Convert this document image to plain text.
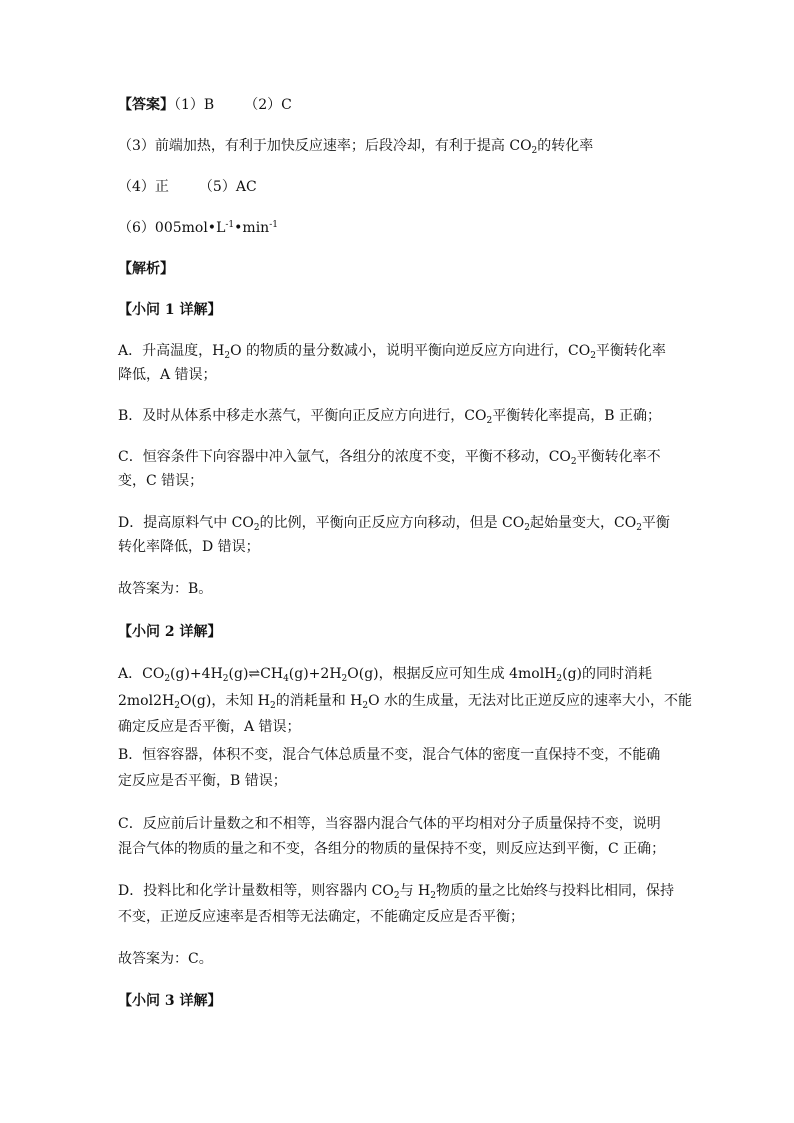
【答案】（1）B （2）C
（3）前端加热，有利于加快反应速率；后段冷却，有利于提高 $CO_2$的转化率
（4）正 （5）AC
$(6)005mol•L^{-1}•\min^{-1}$
【解析】
【小问 1 详解】
A．升高温度，$H_2O$ 的物质的量分数减小，说明平衡向逆反应方向进行，$CO_2$平衡转化率
降低，A 错误；
B．及时从体系中移走水蒸气，平衡向正反应方向进行，$CO_2$平衡转化率提高，B 正确；
C．恒容条件下向容器中冲入氩气，各组分的浓度不变，平衡不移动，$CO_2$平衡转化率不
变，C 错误；
D．提高原料气中 $CO_2$的比例，平衡向正反应方向移动，但是 $CO_2$起始量变大，$CO_2$平衡
转化率降低，D 错误；
故答案为：B。
【小问 2 详解】
A．$CO_2(g)+4H_2(g)\rightleftharpoons CH_4(g)+2H_2O(g)$，根据反应可知生成 4molH$_2$(g)的同时消耗
$2mol2H_2O(g)$，未知 $H_2$的消耗量和 $H_2O$ 水的生成量，无法对比正逆反应的速率大小，不能
确定反应是否平衡，A 错误；
B．恒容容器，体积不变，混合气体总质量不变，混合气体的密度一直保持不变，不能确
定反应是否平衡，B 错误；
C．反应前后计量数之和不相等，当容器内混合气体的平均相对分子质量保持不变，说明
混合气体的物质的量之和不变，各组分的物质的量保持不变，则反应达到平衡，C 正确；
D．投料比和化学计量数相等，则容器内 $CO_2$与 $H_2$物质的量之比始终与投料比相同，保持
不变，正逆反应速率是否相等无法确定，不能确定反应是否平衡；
故答案为：C。
【小问 3 详解】
